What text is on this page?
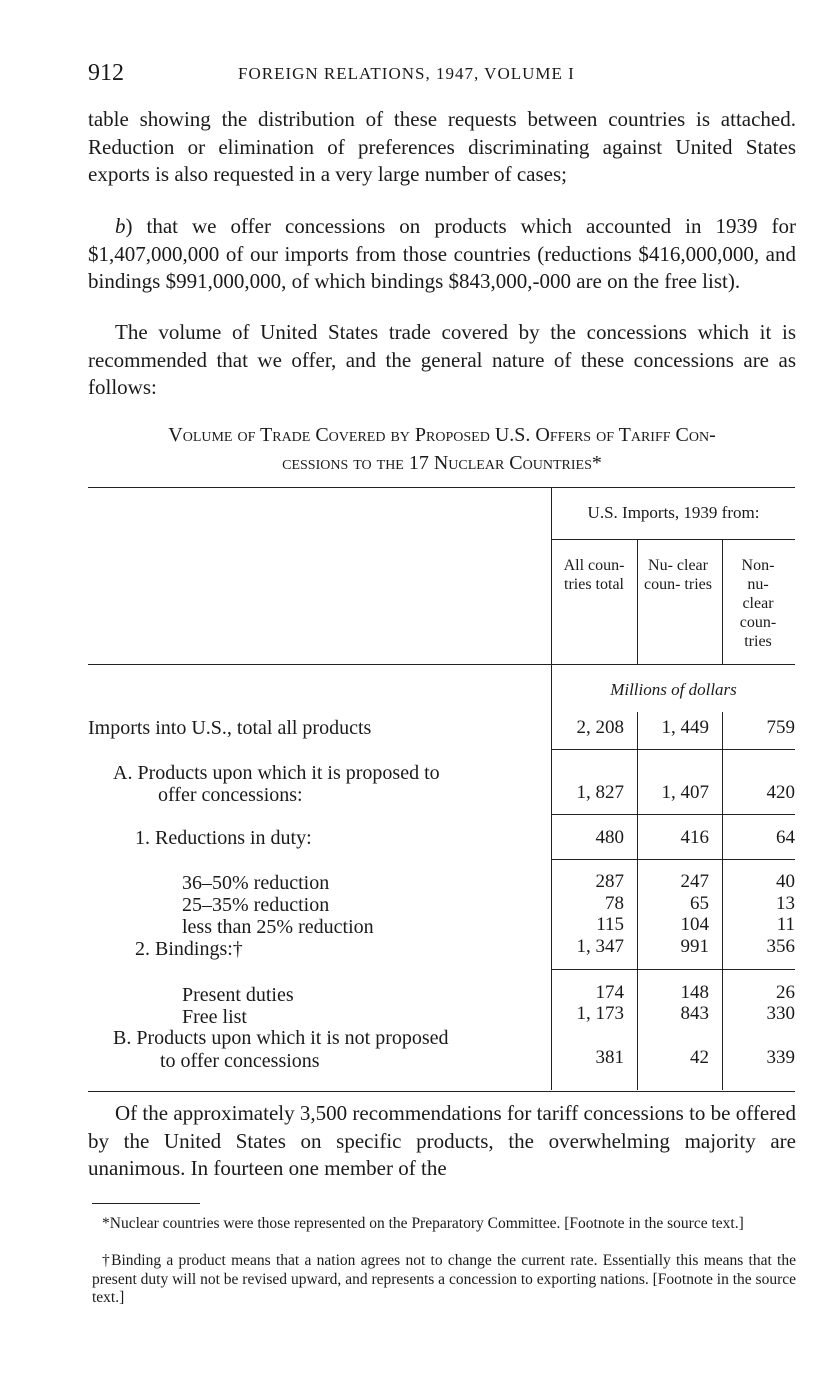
912	FOREIGN RELATIONS, 1947, VOLUME I

table showing the distribution of these requests between countries is attached. Reduction or elimination of preferences discriminating against United States exports is also requested in a very large number of cases;

b) that we offer concessions on products which accounted in 1939 for $1,407,000,000 of our imports from those countries (reductions $416,000,000, and bindings $991,000,000, of which bindings $843,000,-000 are on the free list).

The volume of United States trade covered by the concessions which it is recommended that we offer, and the general nature of these concessions are as follows:

Volume of Trade Covered by Proposed U.S. Offers of Tariff Con-
cessions to the 17 Nuclear Countries*
U.S. Imports, 1939 from:
All coun- tries total
Nu- clear coun- tries
Non- nu- clear coun- tries
Millions of dollars
Imports into U.S., total all products	2, 208	1, 449	759
A. Products upon which it is proposed to
offer concessions:	1, 827	1, 407	420
1. Reductions in duty:	480	416	64
36–50% reduction	287	247	40
25–35% reduction	78	65	13
less than 25% reduction	115	104	11
2. Bindings:†	1, 347	991	356
Present duties	174	148	26
Free list	1, 173	843	330
B. Products upon which it is not proposed
to offer concessions	381	42	339

Of the approximately 3,500 recommendations for tariff concessions to be offered by the United States on specific products, the overwhelming majority are unanimous. In fourteen one member of the

*Nuclear countries were those represented on the Preparatory Committee. [Footnote in the source text.]

†Binding a product means that a nation agrees not to change the current rate. Essentially this means that the present duty will not be revised upward, and represents a concession to exporting nations. [Footnote in the source text.]
